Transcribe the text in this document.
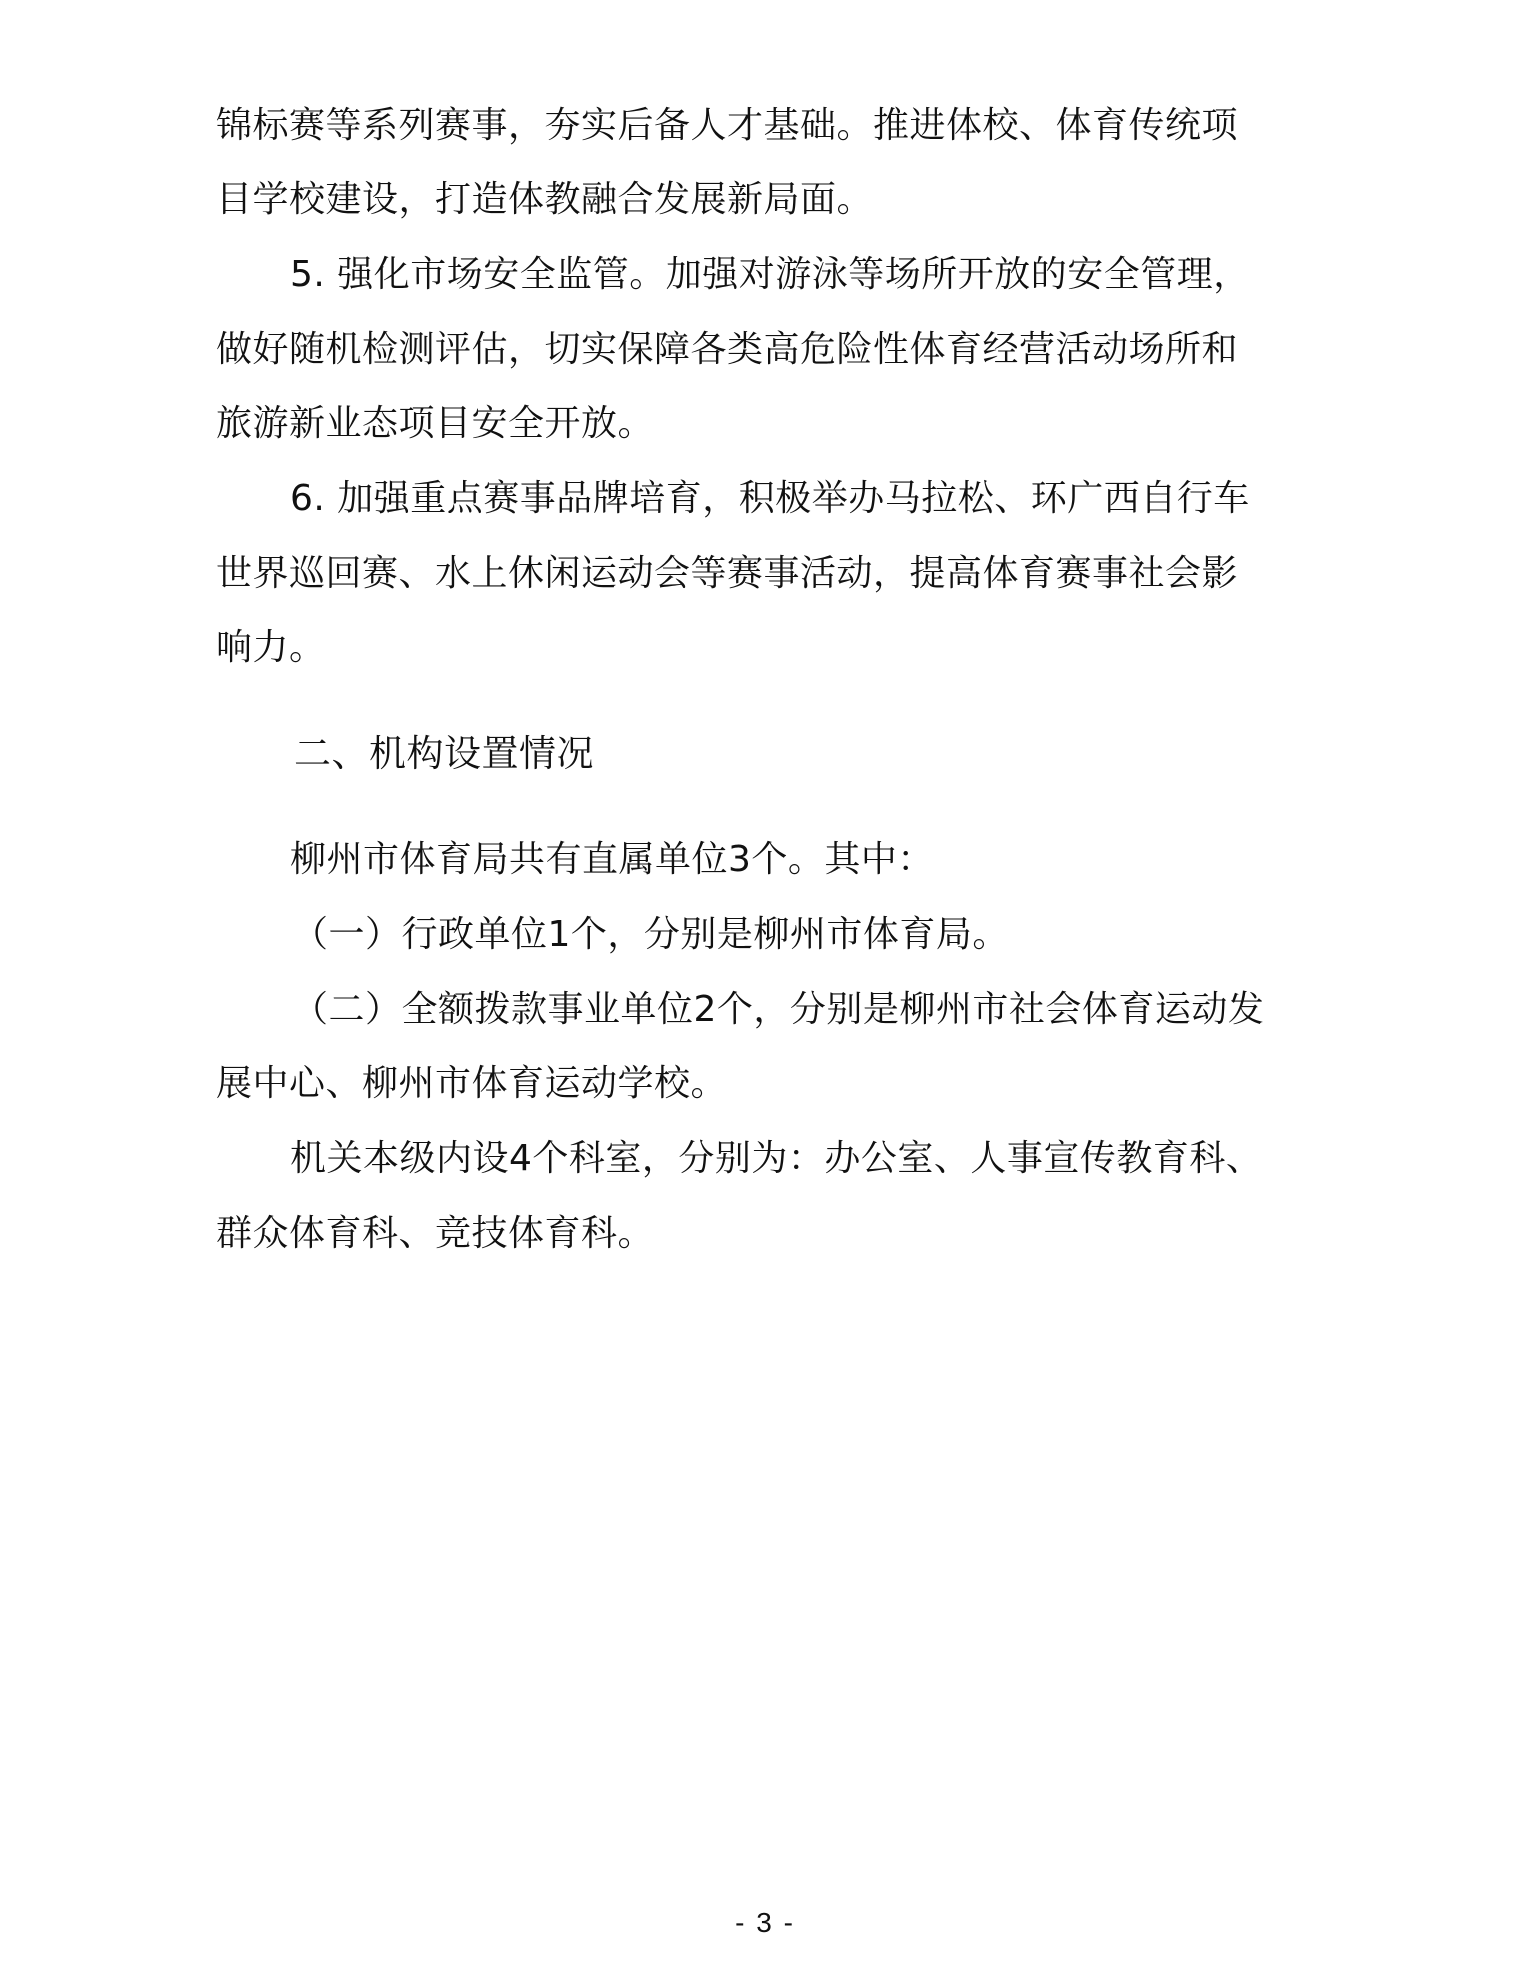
锦标赛等系列赛事，夯实后备人才基础。推进体校、体育传统项
目学校建设，打造体教融合发展新局面。
5. 强化市场安全监管。加强对游泳等场所开放的安全管理，
做好随机检测评估，切实保障各类高危险性体育经营活动场所和
旅游新业态项目安全开放。
6. 加强重点赛事品牌培育，积极举办马拉松、环广西自行车
世界巡回赛、水上休闲运动会等赛事活动，提高体育赛事社会影
响力。
二、机构设置情况
柳州市体育局共有直属单位3个。其中：
（一）行政单位1个，分别是柳州市体育局。
（二）全额拨款事业单位2个，分别是柳州市社会体育运动发
展中心、柳州市体育运动学校。
机关本级内设4个科室，分别为：办公室、人事宣传教育科、
群众体育科、竞技体育科。
- 3 -
